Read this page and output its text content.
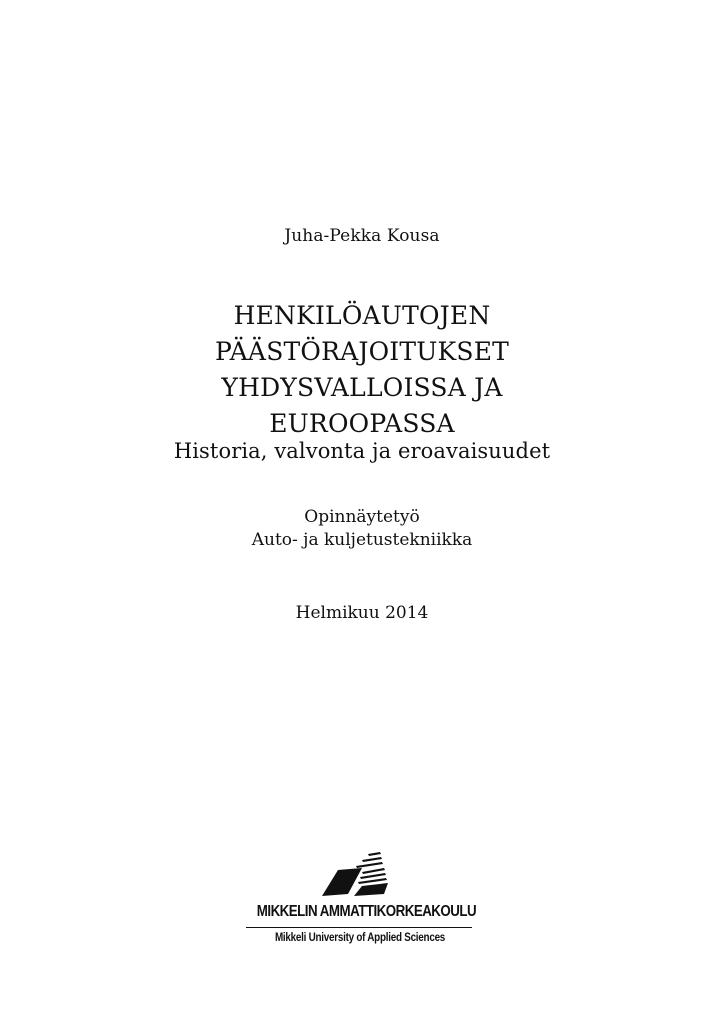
Juha-Pekka Kousa
HENKILÖAUTOJEN
PÄÄSTÖRAJOITUKSET
YHDYSVALLOISSA JA
EUROOPASSA
Historia, valvonta ja eroavaisuudet
Opinnäytetyö
Auto- ja kuljetustekniikka
Helmikuu 2014
MIKKELIN AMMATTIKORKEAKOULU
Mikkeli University of Applied Sciences
